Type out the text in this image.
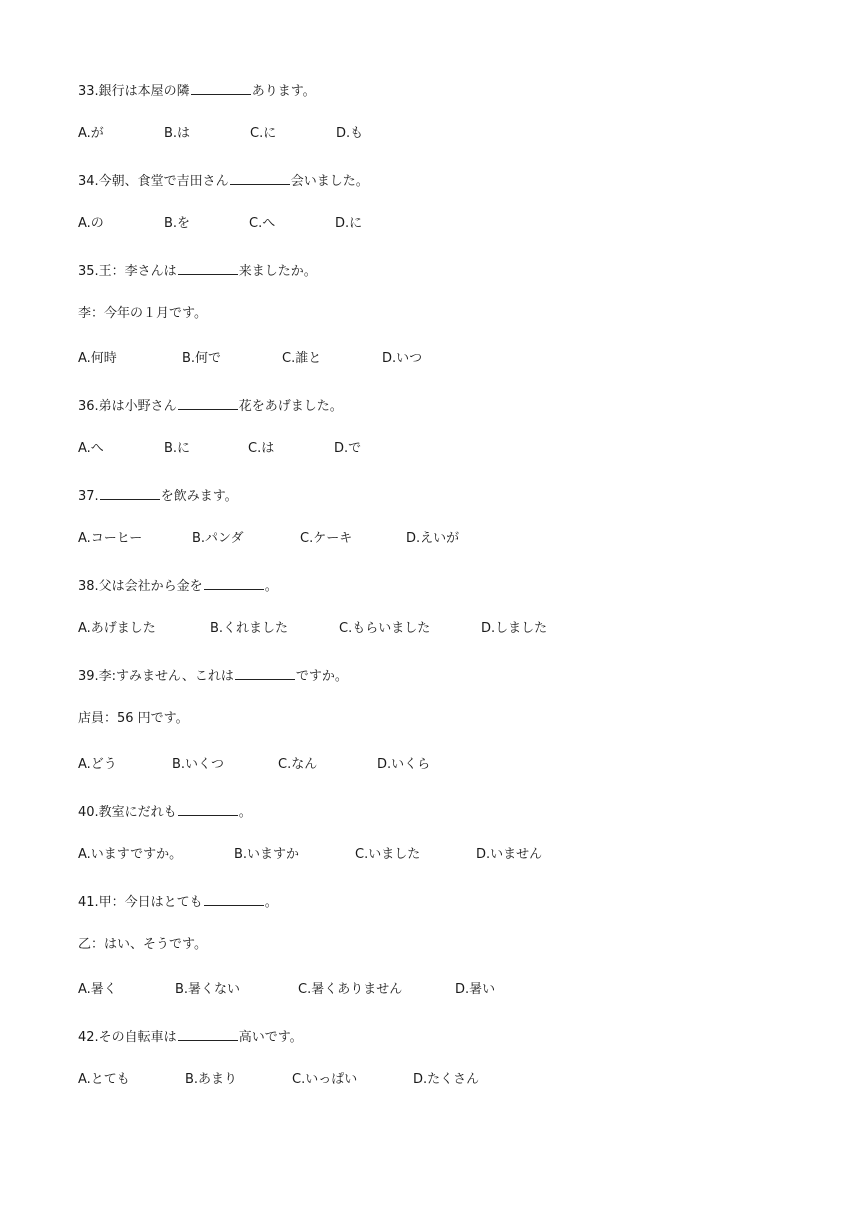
33.銀行は本屋の隣	あります。
A.が	B.は	C.に	D.も
34.今朝、食堂で吉田さん	会いました。
A.の	B.を	C.へ	D.に
35.王：李さんは	来ましたか。
李：今年の１月です。
A.何時	B.何で	C.誰と	D.いつ
36.弟は小野さん	花をあげました。
A.へ	B.に	C.は	D.で
37.	を飲みます。
A.コーヒー	B.パンダ	C.ケーキ	D.えいが
38.父は会社から金を	。
A.あげました	B.くれました	C.もらいました	D.しました
39.李:すみません、これは	ですか。
店員：56 円です。
A.どう	B.いくつ	C.なん	D.いくら
40.教室にだれも	。
A.いますですか。	B.いますか	C.いました	D.いません
41.甲：今日はとても	。
乙：はい、そうです。
A.暑く	B.暑くない	C.暑くありません	D.暑い
42.その自転車は	高いです。
A.とても	B.あまり	C.いっぱい	D.たくさん
